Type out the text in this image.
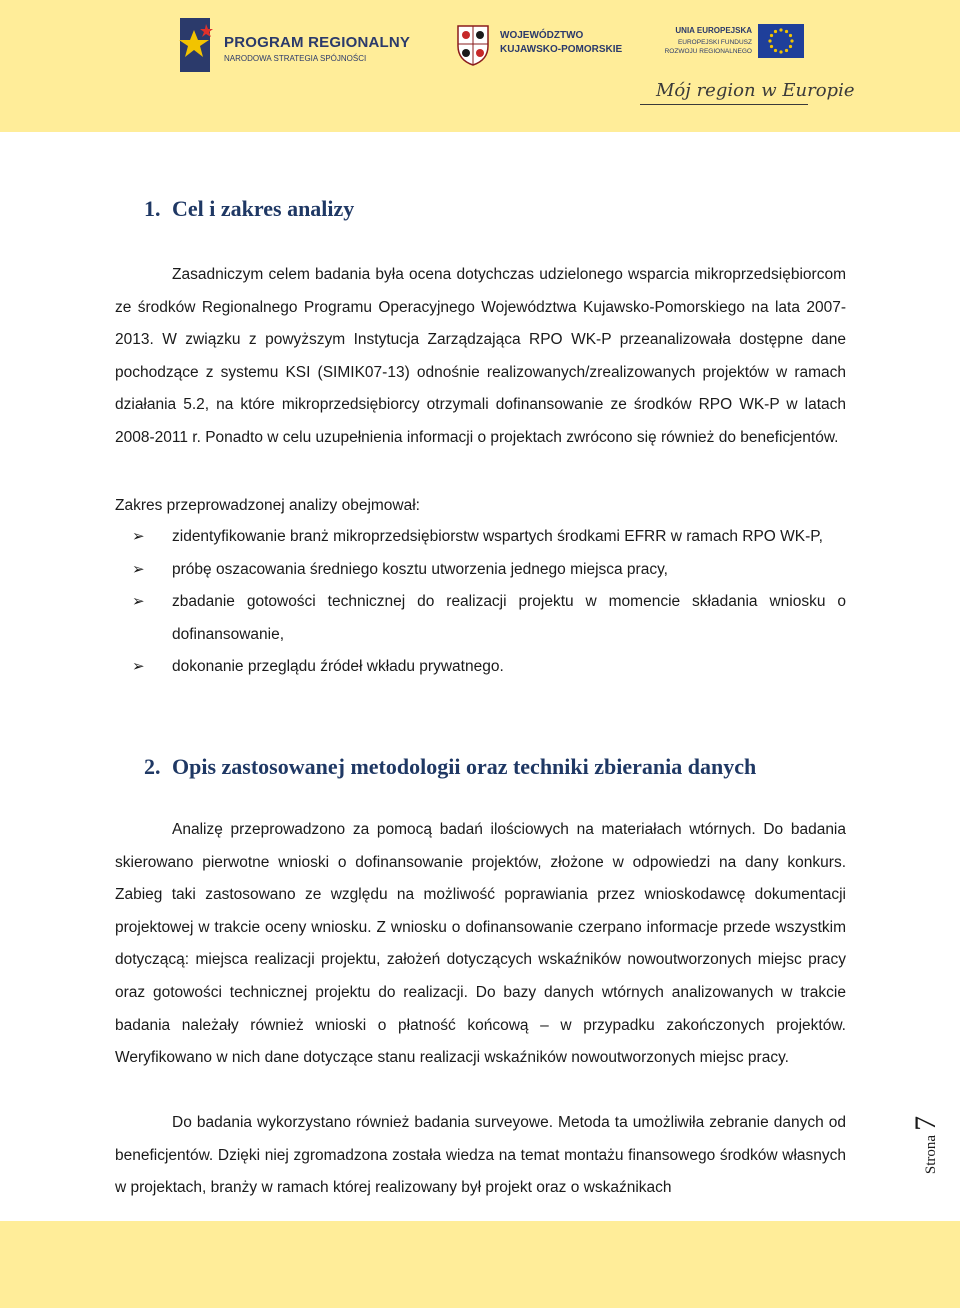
PROGRAM REGIONALNY
NARODOWA STRATEGIA SPÓJNOŚCI
WOJEWÓDZTWO
KUJAWSKO-POMORSKIE
UNIA EUROPEJSKA
EUROPEJSKI FUNDUSZ
ROZWOJU REGIONALNEGO
Mój region w Europie
1. Cel i zakres analizy

Zasadniczym celem badania była ocena dotychczas udzielonego wsparcia mikroprzedsiębiorcom ze środków Regionalnego Programu Operacyjnego Województwa Kujawsko-Pomorskiego na lata 2007-2013. W związku z powyższym Instytucja Zarządzająca RPO WK-P przeanalizowała dostępne dane pochodzące z systemu KSI (SIMIK07-13) odnośnie realizowanych/zrealizowanych projektów w ramach działania 5.2, na które mikroprzedsiębiorcy otrzymali dofinansowanie ze środków RPO WK-P w latach 2008-2011 r. Ponadto w celu uzupełnienia informacji o projektach zwrócono się również do beneficjentów.

Zakres przeprowadzonej analizy obejmował:

➢ zidentyfikowanie branż mikroprzedsiębiorstw wspartych środkami EFRR w ramach RPO WK-P,
➢ próbę oszacowania średniego kosztu utworzenia jednego miejsca pracy,
➢ zbadanie gotowości technicznej do realizacji projektu w momencie składania wniosku o dofinansowanie,
➢ dokonanie przeglądu źródeł wkładu prywatnego.
2. Opis zastosowanej metodologii oraz techniki zbierania danych

Analizę przeprowadzono za pomocą badań ilościowych na materiałach wtórnych. Do badania skierowano pierwotne wnioski o dofinansowanie projektów, złożone w odpowiedzi na dany konkurs. Zabieg taki zastosowano ze względu na możliwość poprawiania przez wnioskodawcę dokumentacji projektowej w trakcie oceny wniosku. Z wniosku o dofinansowanie czerpano informacje przede wszystkim dotyczącą: miejsca realizacji projektu, założeń dotyczących wskaźników nowoutworzonych miejsc pracy oraz gotowości technicznej projektu do realizacji. Do bazy danych wtórnych analizowanych w trakcie badania należały również wnioski o płatność końcową – w przypadku zakończonych projektów. Weryfikowano w nich dane dotyczące stanu realizacji wskaźników nowoutworzonych miejsc pracy.

Do badania wykorzystano również badania surveyowe. Metoda ta umożliwiła zebranie danych od beneficjentów. Dzięki niej zgromadzona została wiedza na temat montażu finansowego środków własnych w projektach, branży w ramach której realizowany był projekt oraz o wskaźnikach

Strona 7
